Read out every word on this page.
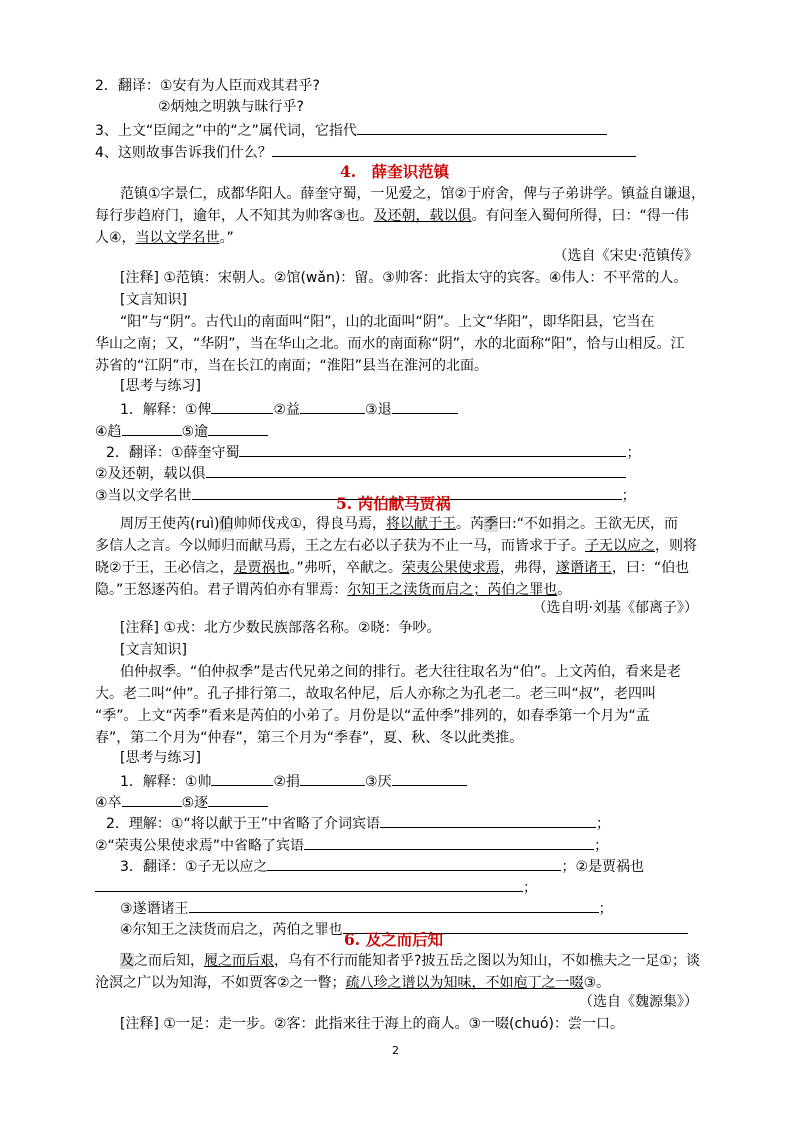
2．翻译：①安有为人臣而戏其君乎?
②炳烛之明孰与昧行乎?
3、上文“臣闻之”中的“之”属代词，它指代
4、这则故事告诉我们什么？
4.　薛奎识范镇
范镇①字景仁，成都华阳人。薛奎守蜀，一见爱之，馆②于府舍，俾与子弟讲学。镇益自谦退，
每行步趋府门，逾年，人不知其为帅客③也。及还朝，载以俱。有问奎入蜀何所得，曰：“得一伟
人④，当以文学名世。”
（选自《宋史·范镇传》
[注释] ①范镇：宋朝人。②馆(wǎn)：留。③帅客：此指太守的宾客。④伟人：不平常的人。
[文言知识]
“阳”与“阴”。古代山的南面叫“阳”，山的北面叫“阴”。上文“华阳”，即华阳县，它当在
华山之南；又，“华阴”，当在华山之北。而水的南面称“阴”，水的北面称“阳”，恰与山相反。江
苏省的“江阴”市，当在长江的南面；“淮阳”县当在淮河的北面。
[思考与练习]
1．解释：①俾	②益	③退
④趋	⑤逾
2．翻译：①薛奎守蜀	；
②及还朝，载以俱
③当以文学名世	；
5. 芮伯献马贾祸
周厉王使芮(ruì)伯帅师伐戎①，得良马焉，将以献于王。芮季曰:“不如捐之。王欲无厌，而
多信人之言。今以师归而献马焉，王之左右必以子获为不止一马，而皆求于子。子无以应之，则将
晓②于王，王必信之，是贾祸也。”弗听，卒献之。荣夷公果使求焉，弗得，遂谮诸王，曰：“伯也
隐。”王怒逐芮伯。君子谓芮伯亦有罪焉：尔知王之渎货而启之；芮伯之罪也。
（选自明·刘基《郁离子》）
[注释] ①戎：北方少数民族部落名称。②晓：争吵。
[文言知识]
伯仲叔季。“伯仲叔季”是古代兄弟之间的排行。老大往往取名为“伯”。上文芮伯，看来是老
大。老二叫“仲”。孔子排行第二，故取名仲尼，后人亦称之为孔老二。老三叫“叔”，老四叫
“季”。上文“芮季”看来是芮伯的小弟了。月份是以“孟仲季”排列的，如春季第一个月为“孟
春”，第二个月为“仲春”，第三个月为“季春”，夏、秋、冬以此类推。
[思考与练习]
1．解释：①帅	②捐	③厌
④卒	⑤逐
2．理解：①“将以献于王”中省略了介词宾语	；
②“荣夷公果使求焉”中省略了宾语	；
3．翻译：①子无以应之	；②是贾祸也
；
③遂谮诸王	；
④尔知王之渎货而启之，芮伯之罪也 6. 及之而后知
及之而后知，履之而后艰，乌有不行而能知者乎?披五岳之图以为知山，不如樵夫之一足①；谈
沧溟之广以为知海，不如贾客②之一瞥；疏八珍之谱以为知味，不如庖丁之一啜③。
（选自《魏源集》）
[注释] ①一足：走一步。②客：此指来往于海上的商人。③一啜(chuó)：尝一口。
2
